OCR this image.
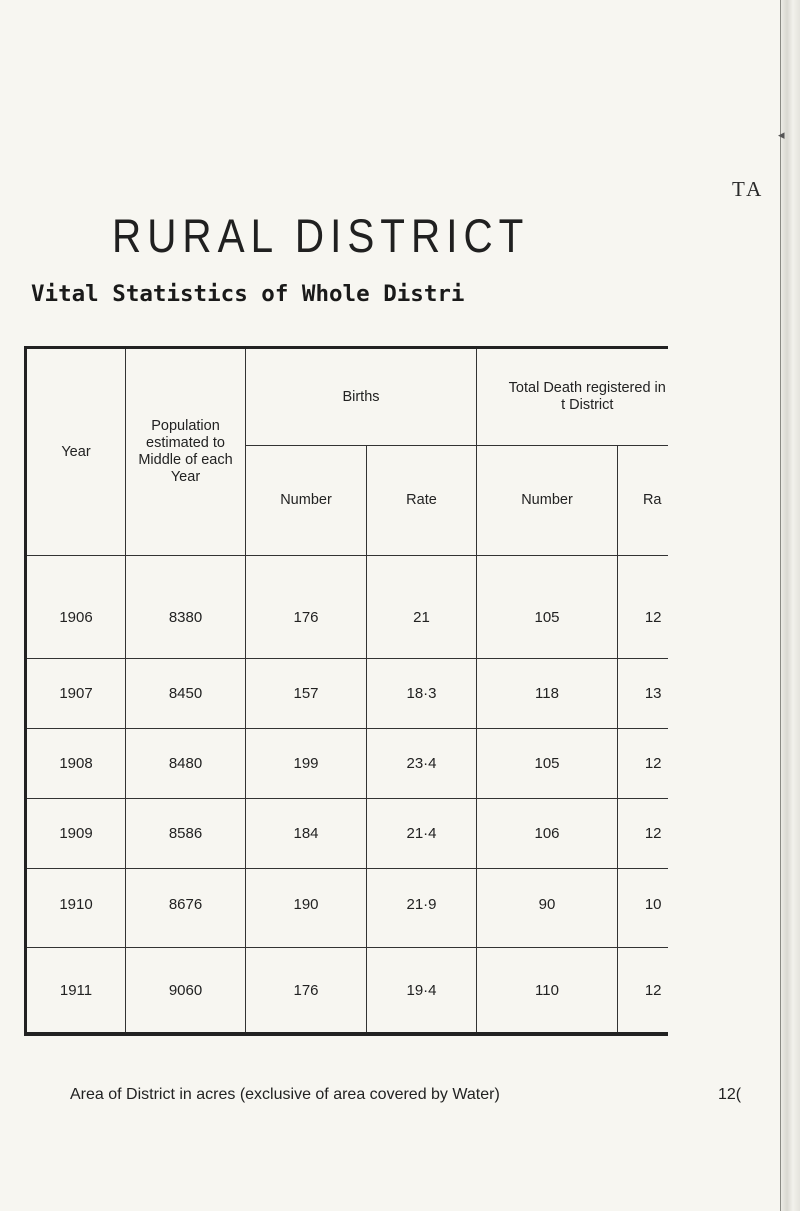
◂
TA
RURAL DISTRICT
Vital Statistics of Whole Distri
Year	Population estimated to Middle of each Year	Births		Total Death registered in t District	
		Number	Rate	Number	Ra
1906	8380	176	21	105	12
1907	8450	157	18·3	118	13
1908	8480	199	23·4	105	12
1909	8586	184	21·4	106	12
1910	8676	190	21·9	90	10
1911	9060	176	19·4	110	12
Area of District in acres (exclusive of area covered by Water)	12(
